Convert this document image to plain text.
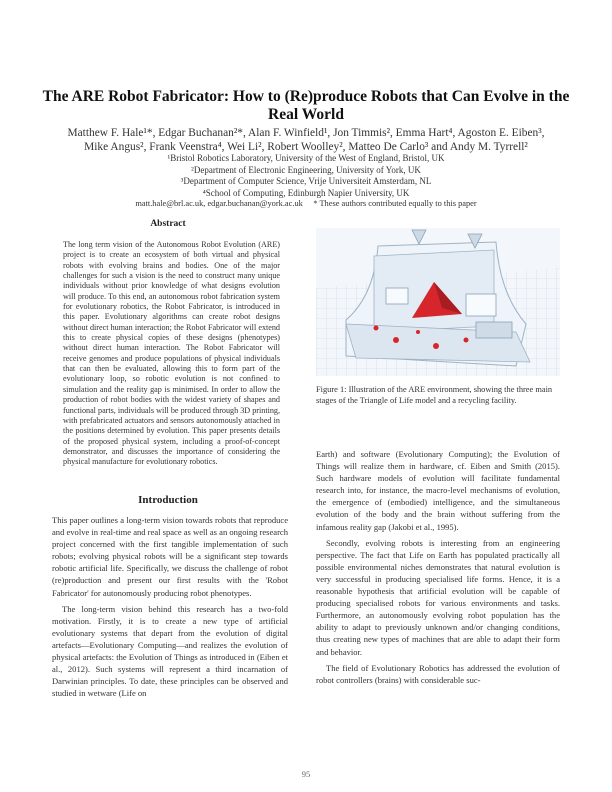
The ARE Robot Fabricator: How to (Re)produce Robots that Can Evolve in the Real World
Matthew F. Hale¹*, Edgar Buchanan²*, Alan F. Winfield¹, Jon Timmis², Emma Hart⁴, Agoston E. Eiben³,
Mike Angus², Frank Veenstra⁴, Wei Li², Robert Woolley², Matteo De Carlo³ and Andy M. Tyrrell²
¹Bristol Robotics Laboratory, University of the West of England, Bristol, UK
²Department of Electronic Engineering, University of York, UK
³Department of Computer Science, Vrije Universiteit Amsterdam, NL
⁴School of Computing, Edinburgh Napier University, UK
matt.hale@brl.ac.uk, edgar.buchanan@york.ac.uk * These authors contributed equally to this paper
Abstract

The long term vision of the Autonomous Robot Evolution (ARE) project is to create an ecosystem of both virtual and physical robots with evolving brains and bodies. One of the major challenges for such a vision is the need to construct many unique individuals without prior knowledge of what designs evolution will produce. To this end, an autonomous robot fabrication system for evolutionary robotics, the Robot Fabricator, is introduced in this paper. Evolutionary algorithms can create robot designs without direct human interaction; the Robot Fabricator will extend this to create physical copies of these designs (phenotypes) without direct human interaction. The Robot Fabricator will receive genomes and produce populations of physical individuals that can then be evaluated, allowing this to form part of the evolutionary loop, so robotic evolution is not confined to simulation and the reality gap is minimised. In order to allow the production of robot bodies with the widest variety of shapes and functional parts, individuals will be produced through 3D printing, with prefabricated actuators and sensors autonomously attached in the positions determined by evolution. This paper presents details of the proposed physical system, including a proof-of-concept demonstrator, and discusses the importance of considering the physical manufacture for evolutionary robotics.

Introduction

This paper outlines a long-term vision towards robots that reproduce and evolve in real-time and real space as well as an ongoing research project concerned with the first tangible implementation of such robots; evolving physical robots will be a significant step towards robotic artificial life. Specifically, we discuss the challenge of robot (re)production and present our first results with the 'Robot Fabricator' for autonomously producing robot phenotypes.

The long-term vision behind this research has a two-fold motivation. Firstly, it is to create a new type of artificial evolutionary systems that depart from the evolution of digital artefacts—Evolutionary Computing—and realizes the evolution of physical artefacts: the Evolution of Things as introduced in (Eiben et al., 2012). Such systems will represent a third incarnation of Darwinian principles. To date, these principles can be observed and studied in wetware (Life on

Figure 1: Illustration of the ARE environment, showing the three main stages of the Triangle of Life model and a recycling facility.

Earth) and software (Evolutionary Computing); the Evolution of Things will realize them in hardware, cf. Eiben and Smith (2015). Such hardware models of evolution will facilitate fundamental research into, for instance, the macro-level mechanisms of evolution, the emergence of (embodied) intelligence, and the simultaneous evolution of the body and the brain without suffering from the infamous reality gap (Jakobi et al., 1995).

Secondly, evolving robots is interesting from an engineering perspective. The fact that Life on Earth has populated practically all possible environmental niches demonstrates that natural evolution is very successful in producing specialised life forms. Hence, it is a reasonable hypothesis that artificial evolution will be capable of producing specialised robots for various environments and tasks. Furthermore, an autonomously evolving robot population has the ability to adapt to previously unknown and/or changing conditions, thus creating new types of machines that are able to adapt their form and behavior.

The field of Evolutionary Robotics has addressed the evolution of robot controllers (brains) with considerable suc-

95
